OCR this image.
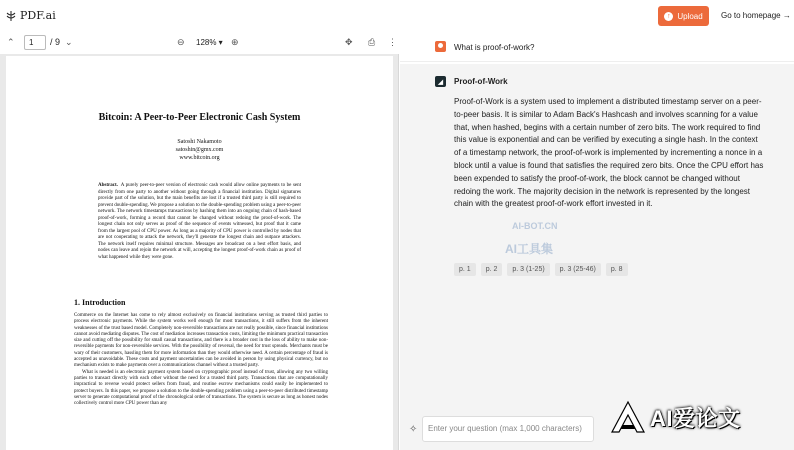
PDF.ai	↑ Upload Go to homepage →
⌃	1	/ 9 ⌄	⊖ 128% ▾ ⊕	✥ ⎙ ⋮
Bitcoin: A Peer-to-Peer Electronic Cash System
Satoshi Nakamoto
satoshin@gmx.com
www.bitcoin.org
Abstract. A purely peer-to-peer version of electronic cash would allow online payments to be sent directly from one party to another without going through a financial institution. Digital signatures provide part of the solution, but the main benefits are lost if a trusted third party is still required to prevent double-spending. We propose a solution to the double-spending problem using a peer-to-peer network. The network timestamps transactions by hashing them into an ongoing chain of hash-based proof-of-work, forming a record that cannot be changed without redoing the proof-of-work. The longest chain not only serves as proof of the sequence of events witnessed, but proof that it came from the largest pool of CPU power. As long as a majority of CPU power is controlled by nodes that are not cooperating to attack the network, they'll generate the longest chain and outpace attackers. The network itself requires minimal structure. Messages are broadcast on a best effort basis, and nodes can leave and rejoin the network at will, accepting the longest proof-of-work chain as proof of what happened while they were gone.
1. Introduction
Commerce on the Internet has come to rely almost exclusively on financial institutions serving as trusted third parties to process electronic payments. While the system works well enough for most transactions, it still suffers from the inherent weaknesses of the trust based model. Completely non-reversible transactions are not really possible, since financial institutions cannot avoid mediating disputes. The cost of mediation increases transaction costs, limiting the minimum practical transaction size and cutting off the possibility for small casual transactions, and there is a broader cost in the loss of ability to make non-reversible payments for non-reversible services. With the possibility of reversal, the need for trust spreads. Merchants must be wary of their customers, hassling them for more information than they would otherwise need. A certain percentage of fraud is accepted as unavoidable. These costs and payment uncertainties can be avoided in person by using physical currency, but no mechanism exists to make payments over a communications channel without a trusted party.
What is needed is an electronic payment system based on cryptographic proof instead of trust, allowing any two willing parties to transact directly with each other without the need for a trusted third party. Transactions that are computationally impractical to reverse would protect sellers from fraud, and routine escrow mechanisms could easily be implemented to protect buyers. In this paper, we propose a solution to the double-spending problem using a peer-to-peer distributed timestamp server to generate computational proof of the chronological order of transactions. The system is secure as long as honest nodes collectively control more CPU power than any
What is proof-of-work?
◢	Proof-of-Work
Proof-of-Work is a system used to implement a distributed timestamp server on a peer-to-peer basis. It is similar to Adam Back's Hashcash and involves scanning for a value that, when hashed, begins with a certain number of zero bits. The work required to find this value is exponential and can be verified by executing a single hash. In the context of a timestamp network, the proof-of-work is implemented by incrementing a nonce in a block until a value is found that satisfies the required zero bits. Once the CPU effort has been expended to satisfy the proof-of-work, the block cannot be changed without redoing the work. The majority decision in the network is represented by the longest chain with the greatest proof-of-work effort invested in it.
p. 1	p. 2	p. 3 (1-25)	p. 3 (25-46)	p. 8
✧	Enter your question (max 1,000 characters)
AI-BOT.CN
AI工具集
AI爱论文
